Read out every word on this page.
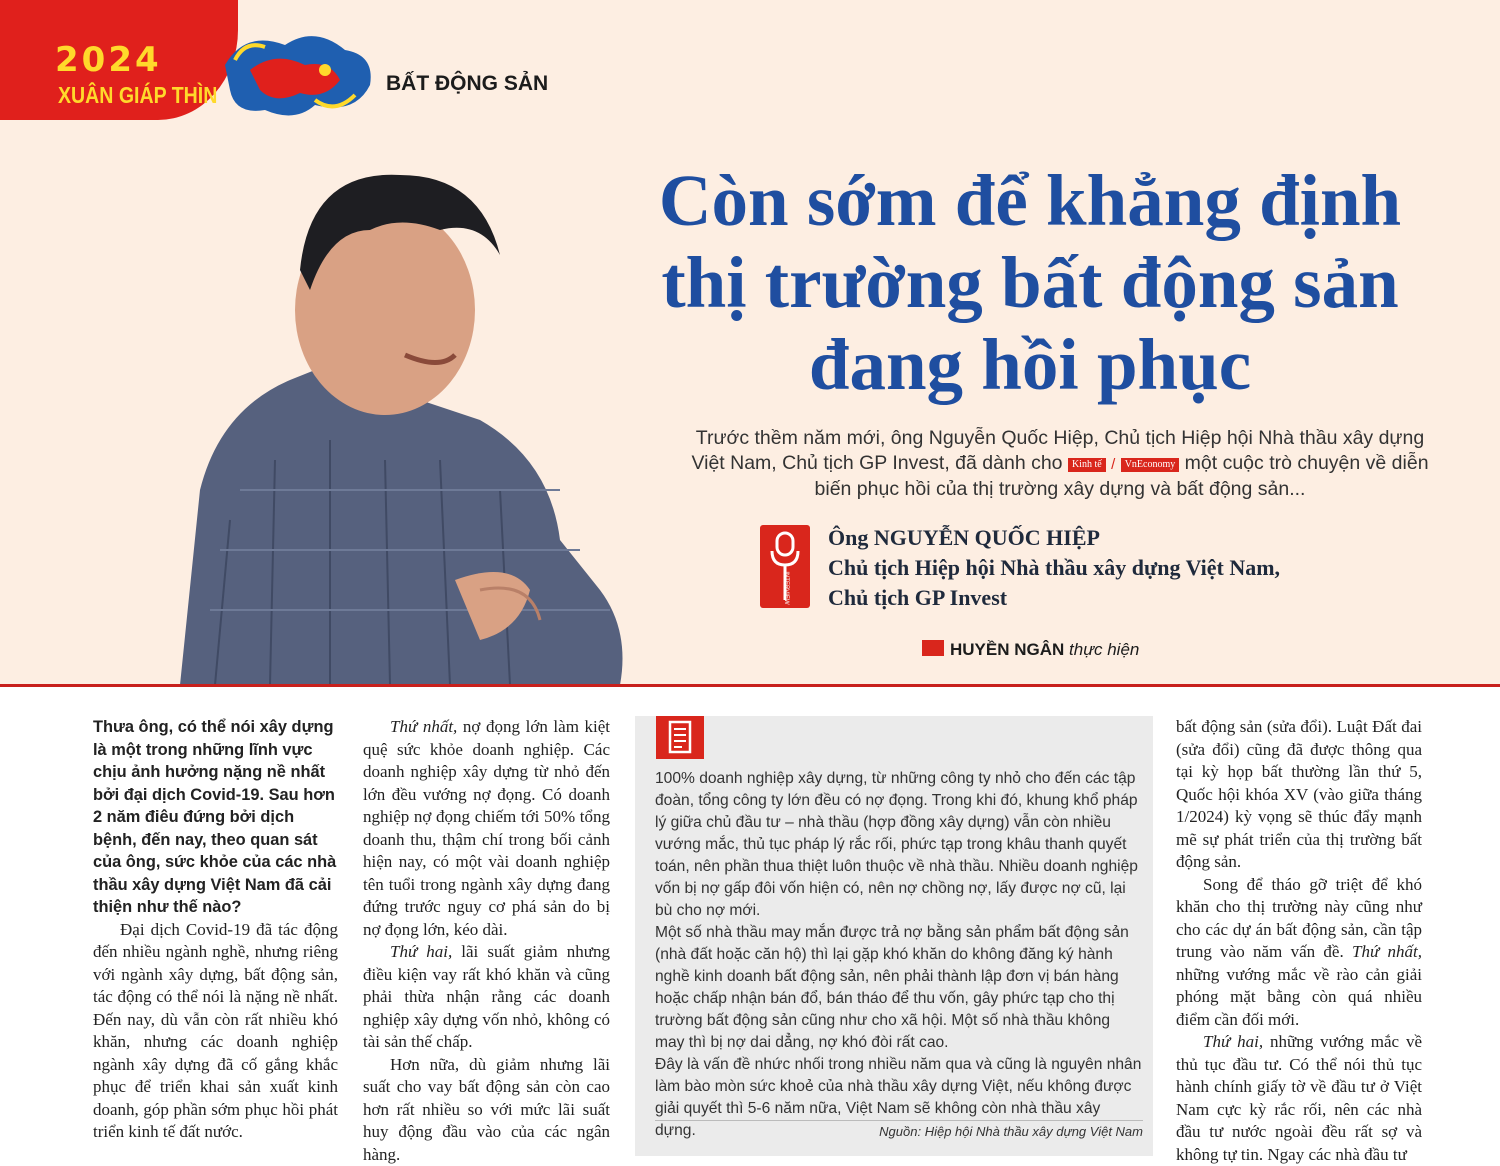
2024
XUÂN GIÁP THÌN	BẤT ĐỘNG SẢN
Còn sớm để khẳng định
thị trường bất động sản
đang hồi phục
Trước thềm năm mới, ông Nguyễn Quốc Hiệp, Chủ tịch Hiệp hội Nhà thầu xây dựng Việt Nam, Chủ tịch GP Invest, đã dành cho Kinh tế / VnEconomy một cuộc trò chuyện về diễn biến phục hồi của thị trường xây dựng và bất động sản...
INTERVIEW
Ông NGUYỄN QUỐC HIỆP
Chủ tịch Hiệp hội Nhà thầu xây dựng Việt Nam,
Chủ tịch GP Invest
HUYỀN NGÂN thực hiện

Thưa ông, có thể nói xây dựng là một trong những lĩnh vực chịu ảnh hưởng nặng nề nhất bởi đại dịch Covid-19. Sau hơn 2 năm điêu đứng bởi dịch bệnh, đến nay, theo quan sát của ông, sức khỏe của các nhà thầu xây dựng Việt Nam đã cải thiện như thế nào?

Đại dịch Covid-19 đã tác động đến nhiều ngành nghề, nhưng riêng với ngành xây dựng, bất động sản, tác động có thể nói là nặng nề nhất. Đến nay, dù vẫn còn rất nhiều khó khăn, nhưng các doanh nghiệp ngành xây dựng đã cố gắng khắc phục để triển khai sản xuất kinh doanh, góp phần sớm phục hồi phát triển kinh tế đất nước.

Thứ nhất, nợ đọng lớn làm kiệt quệ sức khỏe doanh nghiệp. Các doanh nghiệp xây dựng từ nhỏ đến lớn đều vướng nợ đọng. Có doanh nghiệp nợ đọng chiếm tới 50% tổng doanh thu, thậm chí trong bối cảnh hiện nay, có một vài doanh nghiệp tên tuổi trong ngành xây dựng đang đứng trước nguy cơ phá sản do bị nợ đọng lớn, kéo dài.

Thứ hai, lãi suất giảm nhưng điều kiện vay rất khó khăn và cũng phải thừa nhận rằng các doanh nghiệp xây dựng vốn nhỏ, không có tài sản thế chấp.

Hơn nữa, dù giảm nhưng lãi suất cho vay bất động sản còn cao hơn rất nhiều so với mức lãi suất huy động đầu vào của các ngân hàng.

100% doanh nghiệp xây dựng, từ những công ty nhỏ cho đến các tập đoàn, tổng công ty lớn đều có nợ đọng. Trong khi đó, khung khổ pháp lý giữa chủ đầu tư – nhà thầu (hợp đồng xây dựng) vẫn còn nhiều vướng mắc, thủ tục pháp lý rắc rối, phức tạp trong khâu thanh quyết toán, nên phần thua thiệt luôn thuộc về nhà thầu. Nhiều doanh nghiệp vốn bị nợ gấp đôi vốn hiện có, nên nợ chồng nợ, lấy được nợ cũ, lại bù cho nợ mới.
Một số nhà thầu may mắn được trả nợ bằng sản phẩm bất động sản (nhà đất hoặc căn hộ) thì lại gặp khó khăn do không đăng ký hành nghề kinh doanh bất động sản, nên phải thành lập đơn vị bán hàng hoặc chấp nhận bán đổ, bán tháo để thu vốn, gây phức tạp cho thị trường bất động sản cũng như cho xã hội. Một số nhà thầu không may thì bị nợ dai dẳng, nợ khó đòi rất cao.
Đây là vấn đề nhức nhối trong nhiều năm qua và cũng là nguyên nhân làm bào mòn sức khoẻ của nhà thầu xây dựng Việt, nếu không được giải quyết thì 5-6 năm nữa, Việt Nam sẽ không còn nhà thầu xây dựng.	Nguồn: Hiệp hội Nhà thầu xây dựng Việt Nam

bất động sản (sửa đổi). Luật Đất đai (sửa đổi) cũng đã được thông qua tại kỳ họp bất thường lần thứ 5, Quốc hội khóa XV (vào giữa tháng 1/2024) kỳ vọng sẽ thúc đẩy mạnh mẽ sự phát triển của thị trường bất động sản.

Song để tháo gỡ triệt để khó khăn cho thị trường này cũng như cho các dự án bất động sản, cần tập trung vào năm vấn đề. Thứ nhất, những vướng mắc về rào cản giải phóng mặt bằng còn quá nhiều điểm cần đối mới.

Thứ hai, những vướng mắc về thủ tục đầu tư. Có thể nói thủ tục hành chính giấy tờ về đầu tư ở Việt Nam cực kỳ rắc rối, nên các nhà đầu tư nước ngoài đều rất sợ và không tự tin. Ngay các nhà đầu tư
